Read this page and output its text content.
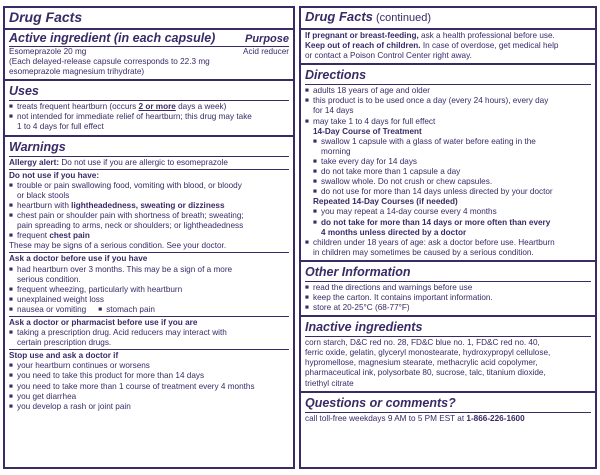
Drug Facts
Active ingredient (in each capsule)	Purpose
Esomeprazole 20 mg	Acid reducer

(Each delayed-release capsule corresponds to 22.3 mg

esomeprazole magnesium trihydrate)

Uses
■ treats frequent heartburn (occurs 2 or more days a week)
■ not intended for immediate relief of heartburn; this drug may take
1 to 4 days for full effect
Warnings

Allergy alert: Do not use if you are allergic to esomeprazole

Do not use if you have:

■ trouble or pain swallowing food, vomiting with blood, or bloody
or black stools
■ heartburn with lightheadedness, sweating or dizziness
■ chest pain or shoulder pain with shortness of breath; sweating;
pain spreading to arms, neck or shoulders; or lightheadedness
■ frequent chest pain

These may be signs of a serious condition. See your doctor.

Ask a doctor before use if you have

■ had heartburn over 3 months. This may be a sign of a more
serious condition.
■ frequent wheezing, particularly with heartburn
■ unexplained weight loss
■ nausea or vomiting
■	stomach pain

Ask a doctor or pharmacist before use if you are

■ taking a prescription drug. Acid reducers may interact with
certain prescription drugs.

Stop use and ask a doctor if

■ your heartburn continues or worsens
■ you need to take this product for more than 14 days
■ you need to take more than 1 course of treatment every 4 months
■ you get diarrhea
■ you develop a rash or joint pain
Drug Facts (continued)

If pregnant or breast-feeding, ask a health professional before use.

Keep out of reach of children. In case of overdose, get medical help
or contact a Poison Control Center right away.

Directions
■ adults 18 years of age and older
■ this product is to be used once a day (every 24 hours), every day
for 14 days
■ may take 1 to 4 days for full effect

14-Day Course of Treatment

■ swallow 1 capsule with a glass of water before eating in the
morning
■ take every day for 14 days
■ do not take more than 1 capsule a day
■ swallow whole. Do not crush or chew capsules.
■ do not use for more than 14 days unless directed by your doctor

Repeated 14-Day Courses (if needed)

■ you may repeat a 14-day course every 4 months
■ do not take for more than 14 days or more often than every
4 months unless directed by a doctor
■ children under 18 years of age: ask a doctor before use. Heartburn
in children may sometimes be caused by a serious condition.
Other Information
■ read the directions and warnings before use
■ keep the carton. It contains important information.
■ store at 20-25°C (68-77°F)
Inactive ingredients

corn starch, D&C red no. 28, FD&C blue no. 1, FD&C red no. 40,

ferric oxide, gelatin, glyceryl monostearate, hydroxypropyl cellulose,

hypromellose, magnesium stearate, methacrylic acid copolymer,

pharmaceutical ink, polysorbate 80, sucrose, talc, titanium dioxide,

triethyl citrate

Questions or comments?

call toll-free weekdays 9 AM to 5 PM EST at 1-866-226-1600
